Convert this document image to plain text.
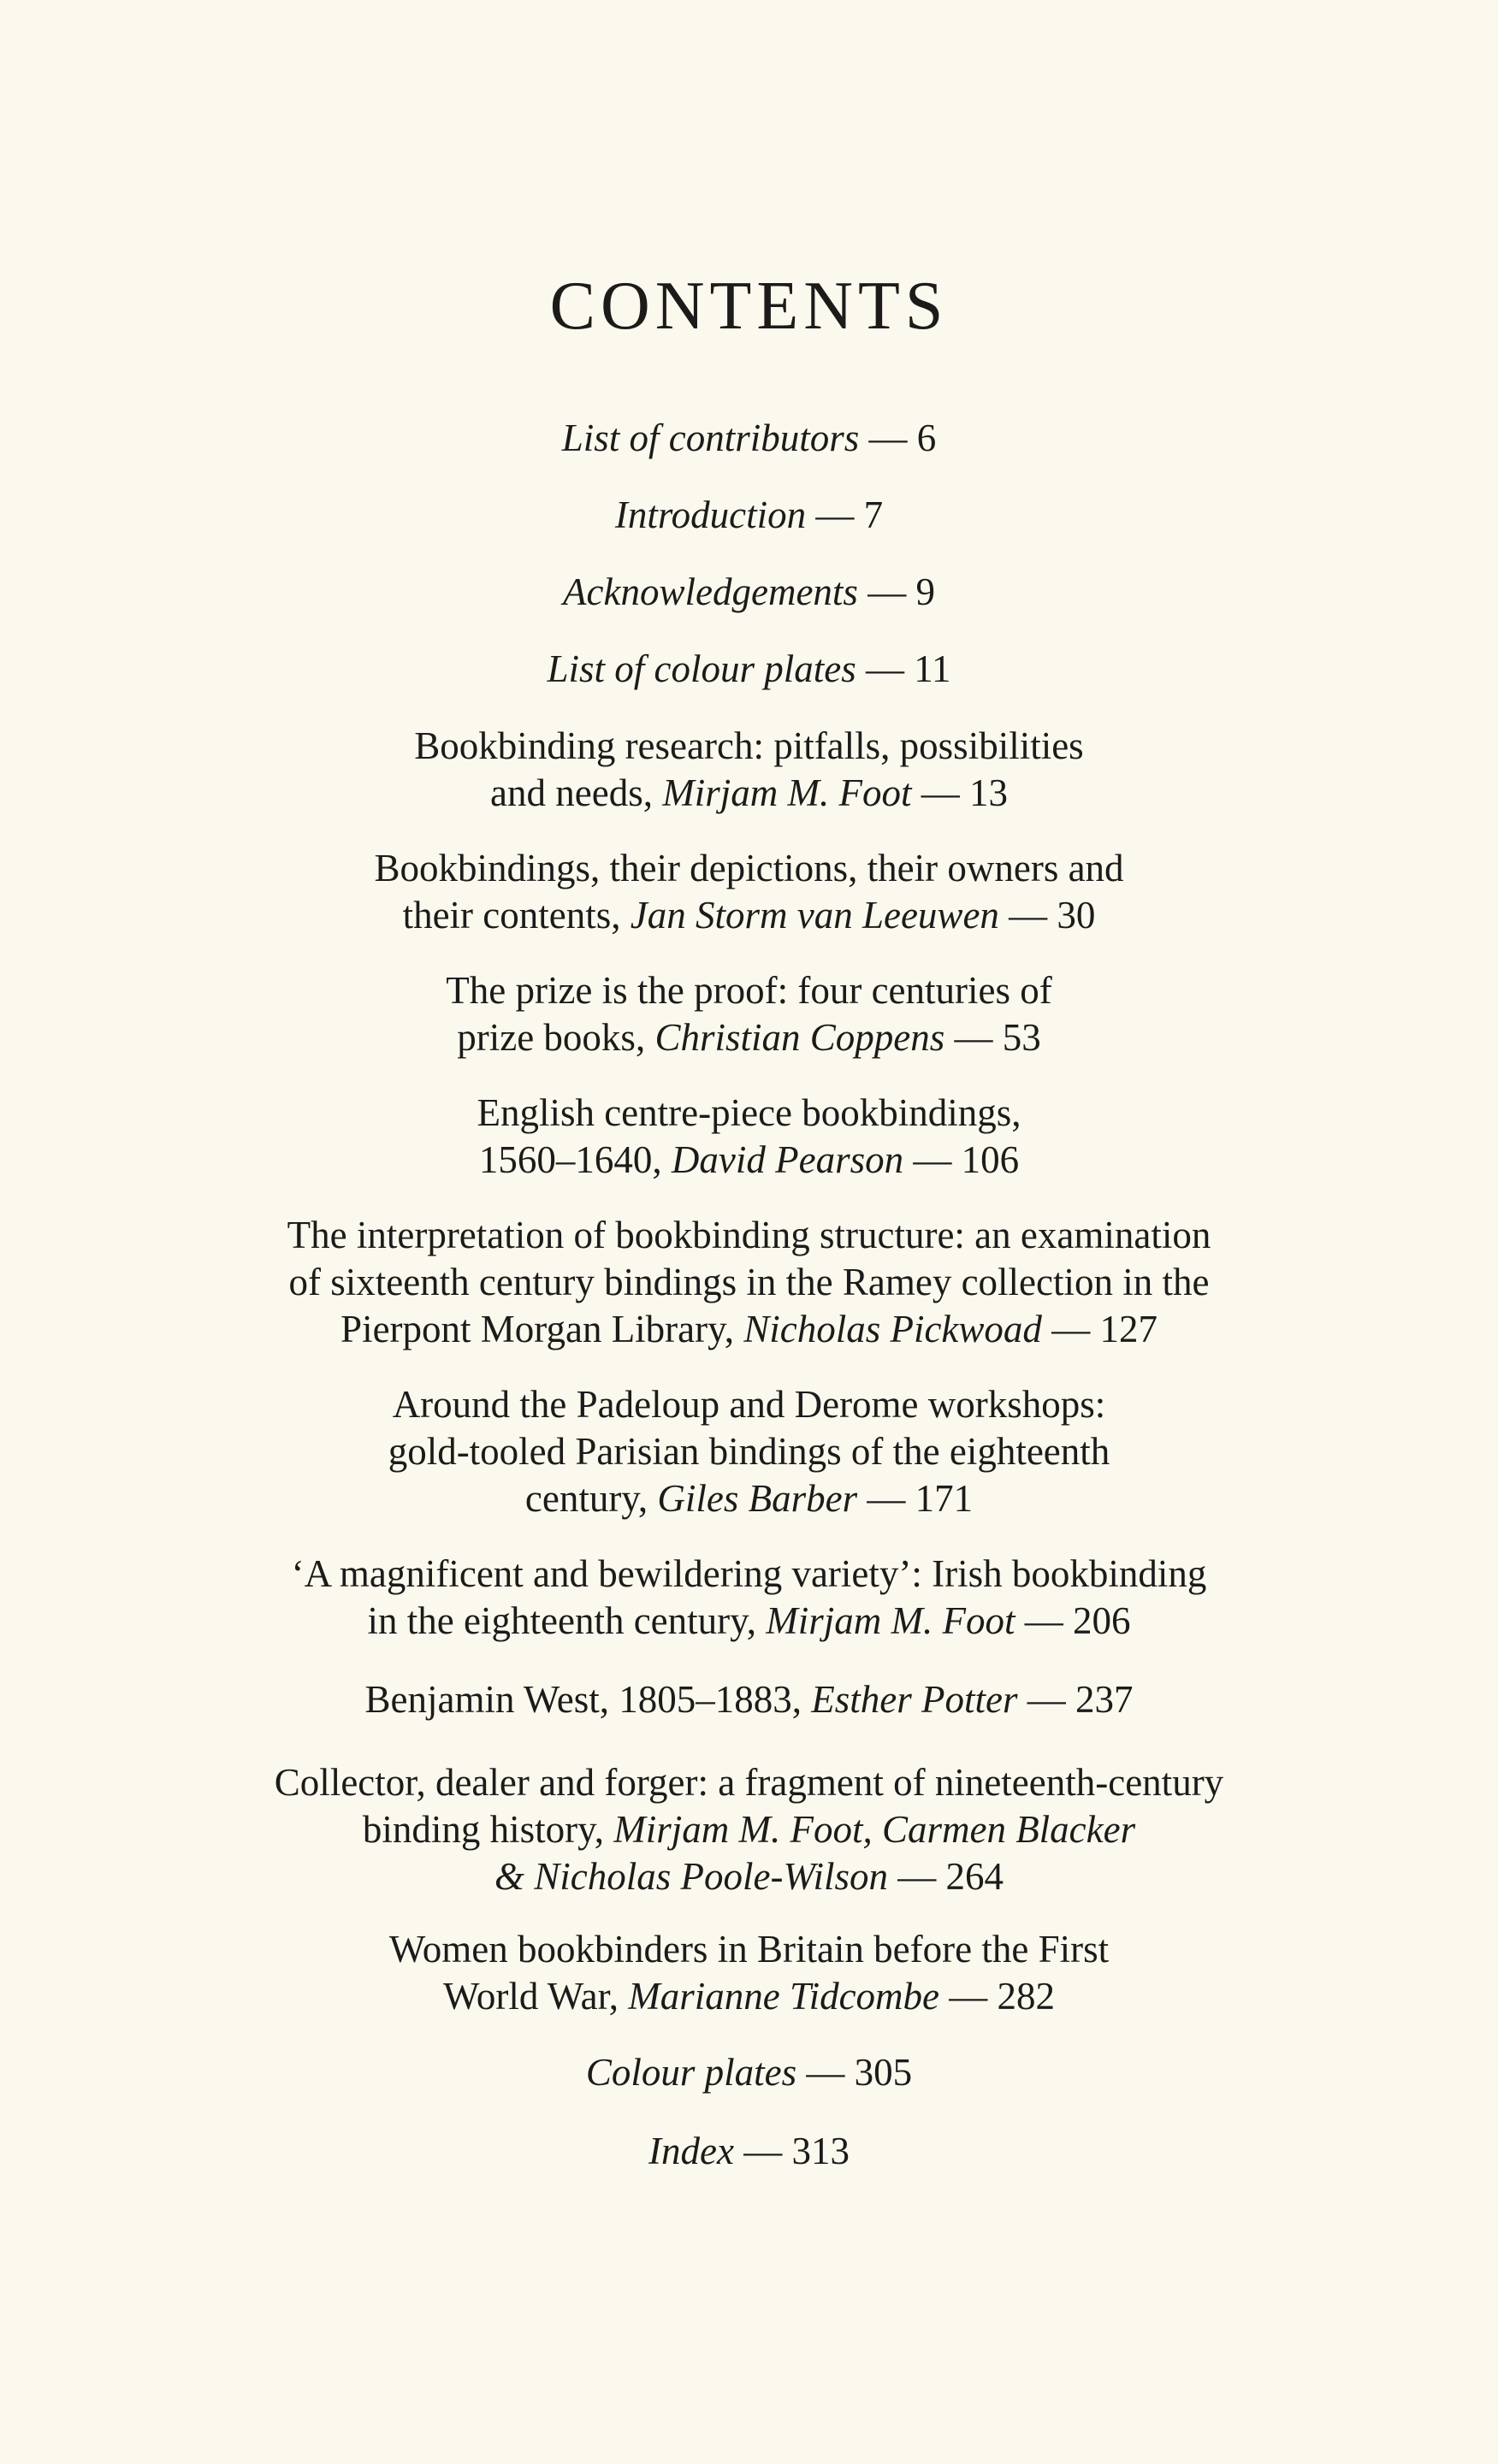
CONTENTS
List of contributors — 6
Introduction — 7
Acknowledgements — 9
List of colour plates — 11
Bookbinding research: pitfalls, possibilities
and needs, Mirjam M. Foot — 13
Bookbindings, their depictions, their owners and
their contents, Jan Storm van Leeuwen — 30
The prize is the proof: four centuries of
prize books, Christian Coppens — 53
English centre-piece bookbindings,
1560–1640, David Pearson — 106
The interpretation of bookbinding structure: an examination
of sixteenth century bindings in the Ramey collection in the
Pierpont Morgan Library, Nicholas Pickwoad — 127
Around the Padeloup and Derome workshops:
gold-tooled Parisian bindings of the eighteenth
century, Giles Barber — 171
‘A magnificent and bewildering variety’: Irish bookbinding
in the eighteenth century, Mirjam M. Foot — 206
Benjamin West, 1805–1883, Esther Potter — 237
Collector, dealer and forger: a fragment of nineteenth-century
binding history, Mirjam M. Foot, Carmen Blacker
& Nicholas Poole-Wilson — 264
Women bookbinders in Britain before the First
World War, Marianne Tidcombe — 282
Colour plates — 305
Index — 313
